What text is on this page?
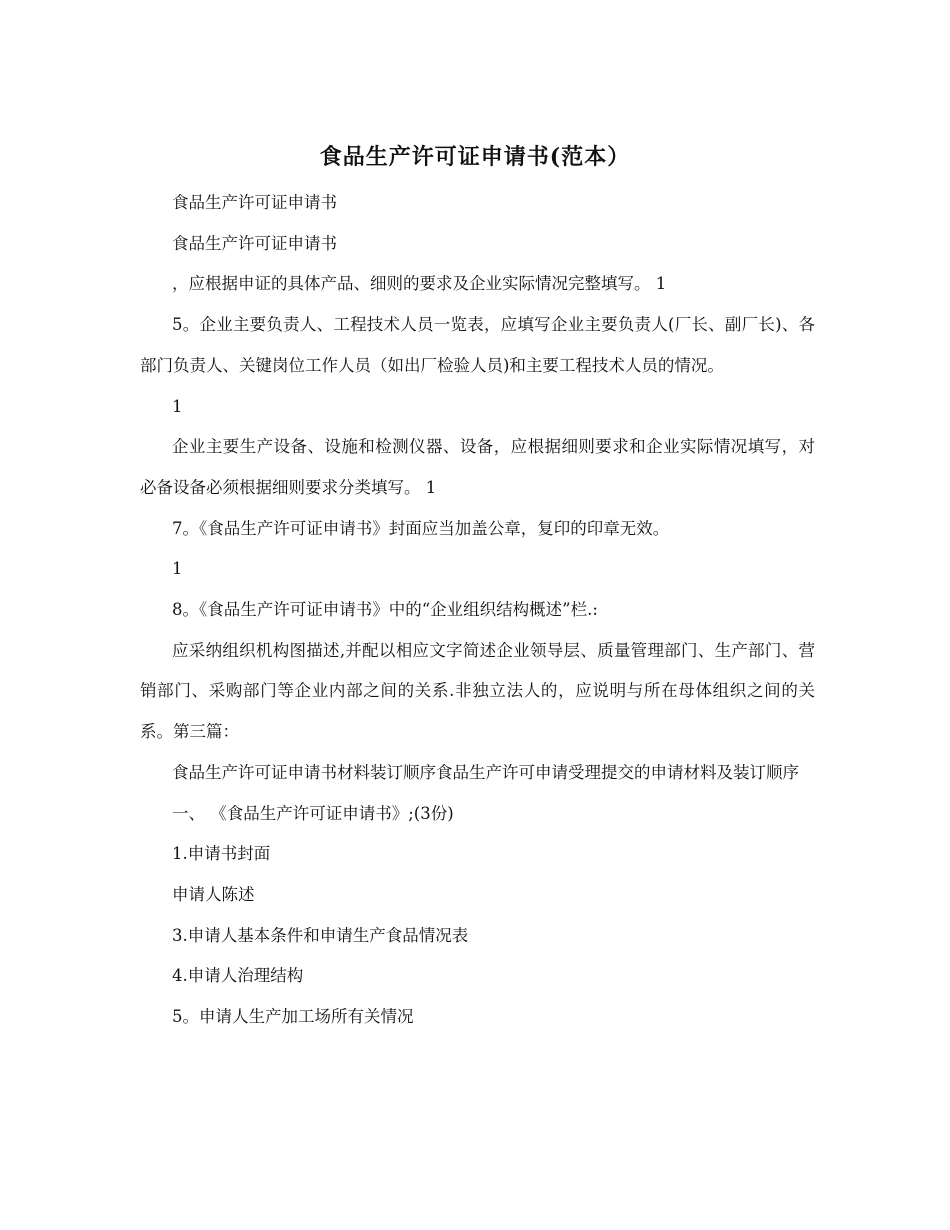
食品生产许可证申请书(范本）

食品生产许可证申请书

食品生产许可证申请书

，应根据申证的具体产品、细则的要求及企业实际情况完整填写。 1

5。企业主要负责人、工程技术人员一览表，应填写企业主要负责人(厂长、副厂长)、各部门负责人、关键岗位工作人员（如出厂检验人员)和主要工程技术人员的情况。

1

企业主要生产设备、设施和检测仪器、设备，应根据细则要求和企业实际情况填写，对必备设备必须根据细则要求分类填写。 1

7。《食品生产许可证申请书》封面应当加盖公章，复印的印章无效。

1

8。《食品生产许可证申请书》中的“企业组织结构概述”栏.:

应采纳组织机构图描述,并配以相应文字简述企业领导层、质量管理部门、生产部门、营销部门、采购部门等企业内部之间的关系.非独立法人的，应说明与所在母体组织之间的关系。第三篇：

食品生产许可证申请书材料装订顺序食品生产许可申请受理提交的申请材料及装订顺序

一、 《食品生产许可证申请书》;(3份)

1.申请书封面

申请人陈述

3.申请人基本条件和申请生产食品情况表

4.申请人治理结构

5。申请人生产加工场所有关情况
